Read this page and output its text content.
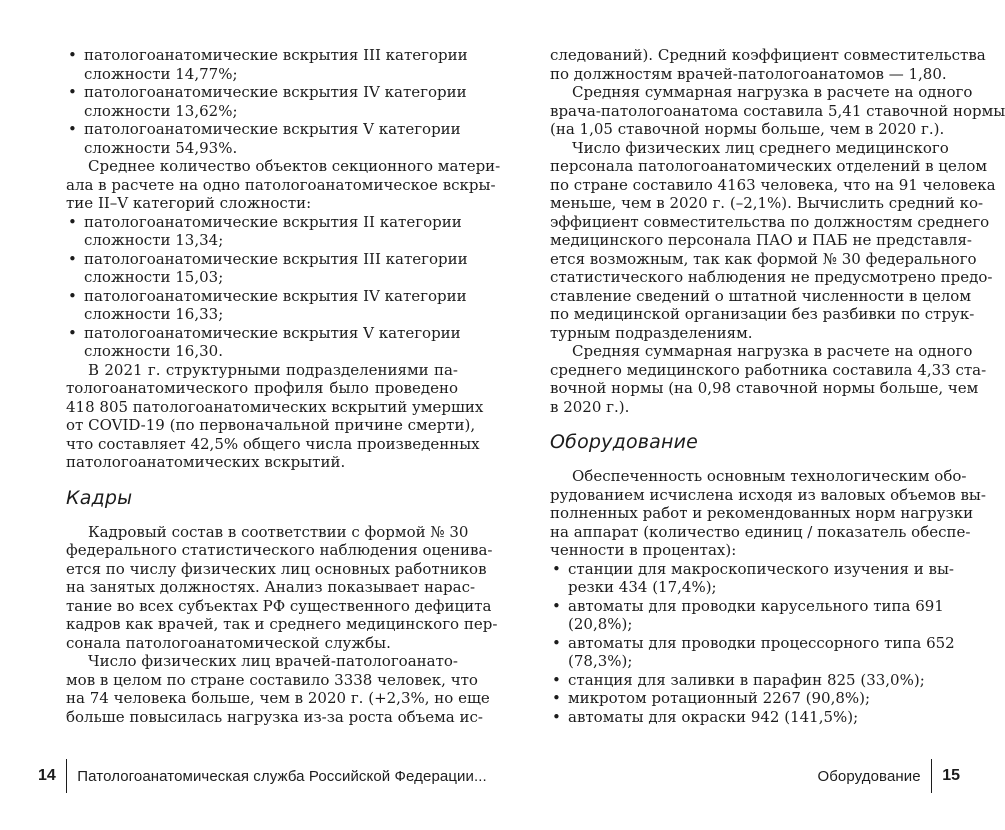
• патологоанатомические вскрытия III категории
сложности 14,77%;
• патологоанатомические вскрытия IV категории
сложности 13,62%;
• патологоанатомические вскрытия V категории
сложности 54,93%.
Среднее количество объектов секционного матери-
ала в расчете на одно патологоанатомическое вскры-
тие II–V категорий сложности:
• патологоанатомические вскрытия II категории
сложности 13,34;
• патологоанатомические вскрытия III категории
сложности 15,03;
• патологоанатомические вскрытия IV категории
сложности 16,33;
• патологоанатомические вскрытия V категории
сложности 16,30.
В 2021 г. структурными подразделениями па-
тологоанатомического профиля было проведено
418 805 патологоанатомических вскрытий умерших
от COVID-19 (по первоначальной причине смерти),
что составляет 42,5% общего числа произведенных
патологоанатомических вскрытий.
Кадры
Кадровый состав в соответствии с формой № 30
федерального статистического наблюдения оценива-
ется по числу физических лиц основных работников
на занятых должностях. Анализ показывает нарас-
тание во всех субъектах РФ существенного дефицита
кадров как врачей, так и среднего медицинского пер-
сонала патологоанатомической службы.
Число физических лиц врачей-патологоанато-
мов в целом по стране составило 3338 человек, что
на 74 человека больше, чем в 2020 г. (+2,3%, но еще
больше повысилась нагрузка из-за роста объема ис-
следований). Средний коэффициент совместительства
по должностям врачей-патологоанатомов — 1,80.
Средняя суммарная нагрузка в расчете на одного
врача-патологоанатома составила 5,41 ставочной нормы
(на 1,05 ставочной нормы больше, чем в 2020 г.).
Число физических лиц среднего медицинского
персонала патологоанатомических отделений в целом
по стране составило 4163 человека, что на 91 человека
меньше, чем в 2020 г. (–2,1%). Вычислить средний ко-
эффициент совместительства по должностям среднего
медицинского персонала ПАО и ПАБ не представля-
ется возможным, так как формой № 30 федерального
статистического наблюдения не предусмотрено предо-
ставление сведений о штатной численности в целом
по медицинской организации без разбивки по струк-
турным подразделениям.
Средняя суммарная нагрузка в расчете на одного
среднего медицинского работника составила 4,33 ста-
вочной нормы (на 0,98 ставочной нормы больше, чем
в 2020 г.).
Оборудование
Обеспеченность основным технологическим обо-
рудованием исчислена исходя из валовых объемов вы-
полненных работ и рекомендованных норм нагрузки
на аппарат (количество единиц / показатель обеспе-
ченности в процентах):
• станции для макроскопического изучения и вы-
резки 434 (17,4%);
• автоматы для проводки карусельного типа 691
(20,8%);
• автоматы для проводки процессорного типа 652
(78,3%);
• станция для заливки в парафин 825 (33,0%);
• микротом ротационный 2267 (90,8%);
• автоматы для окраски 942 (141,5%);
14 Патологоанатомическая служба Российской Федерации...	Оборудование 15
